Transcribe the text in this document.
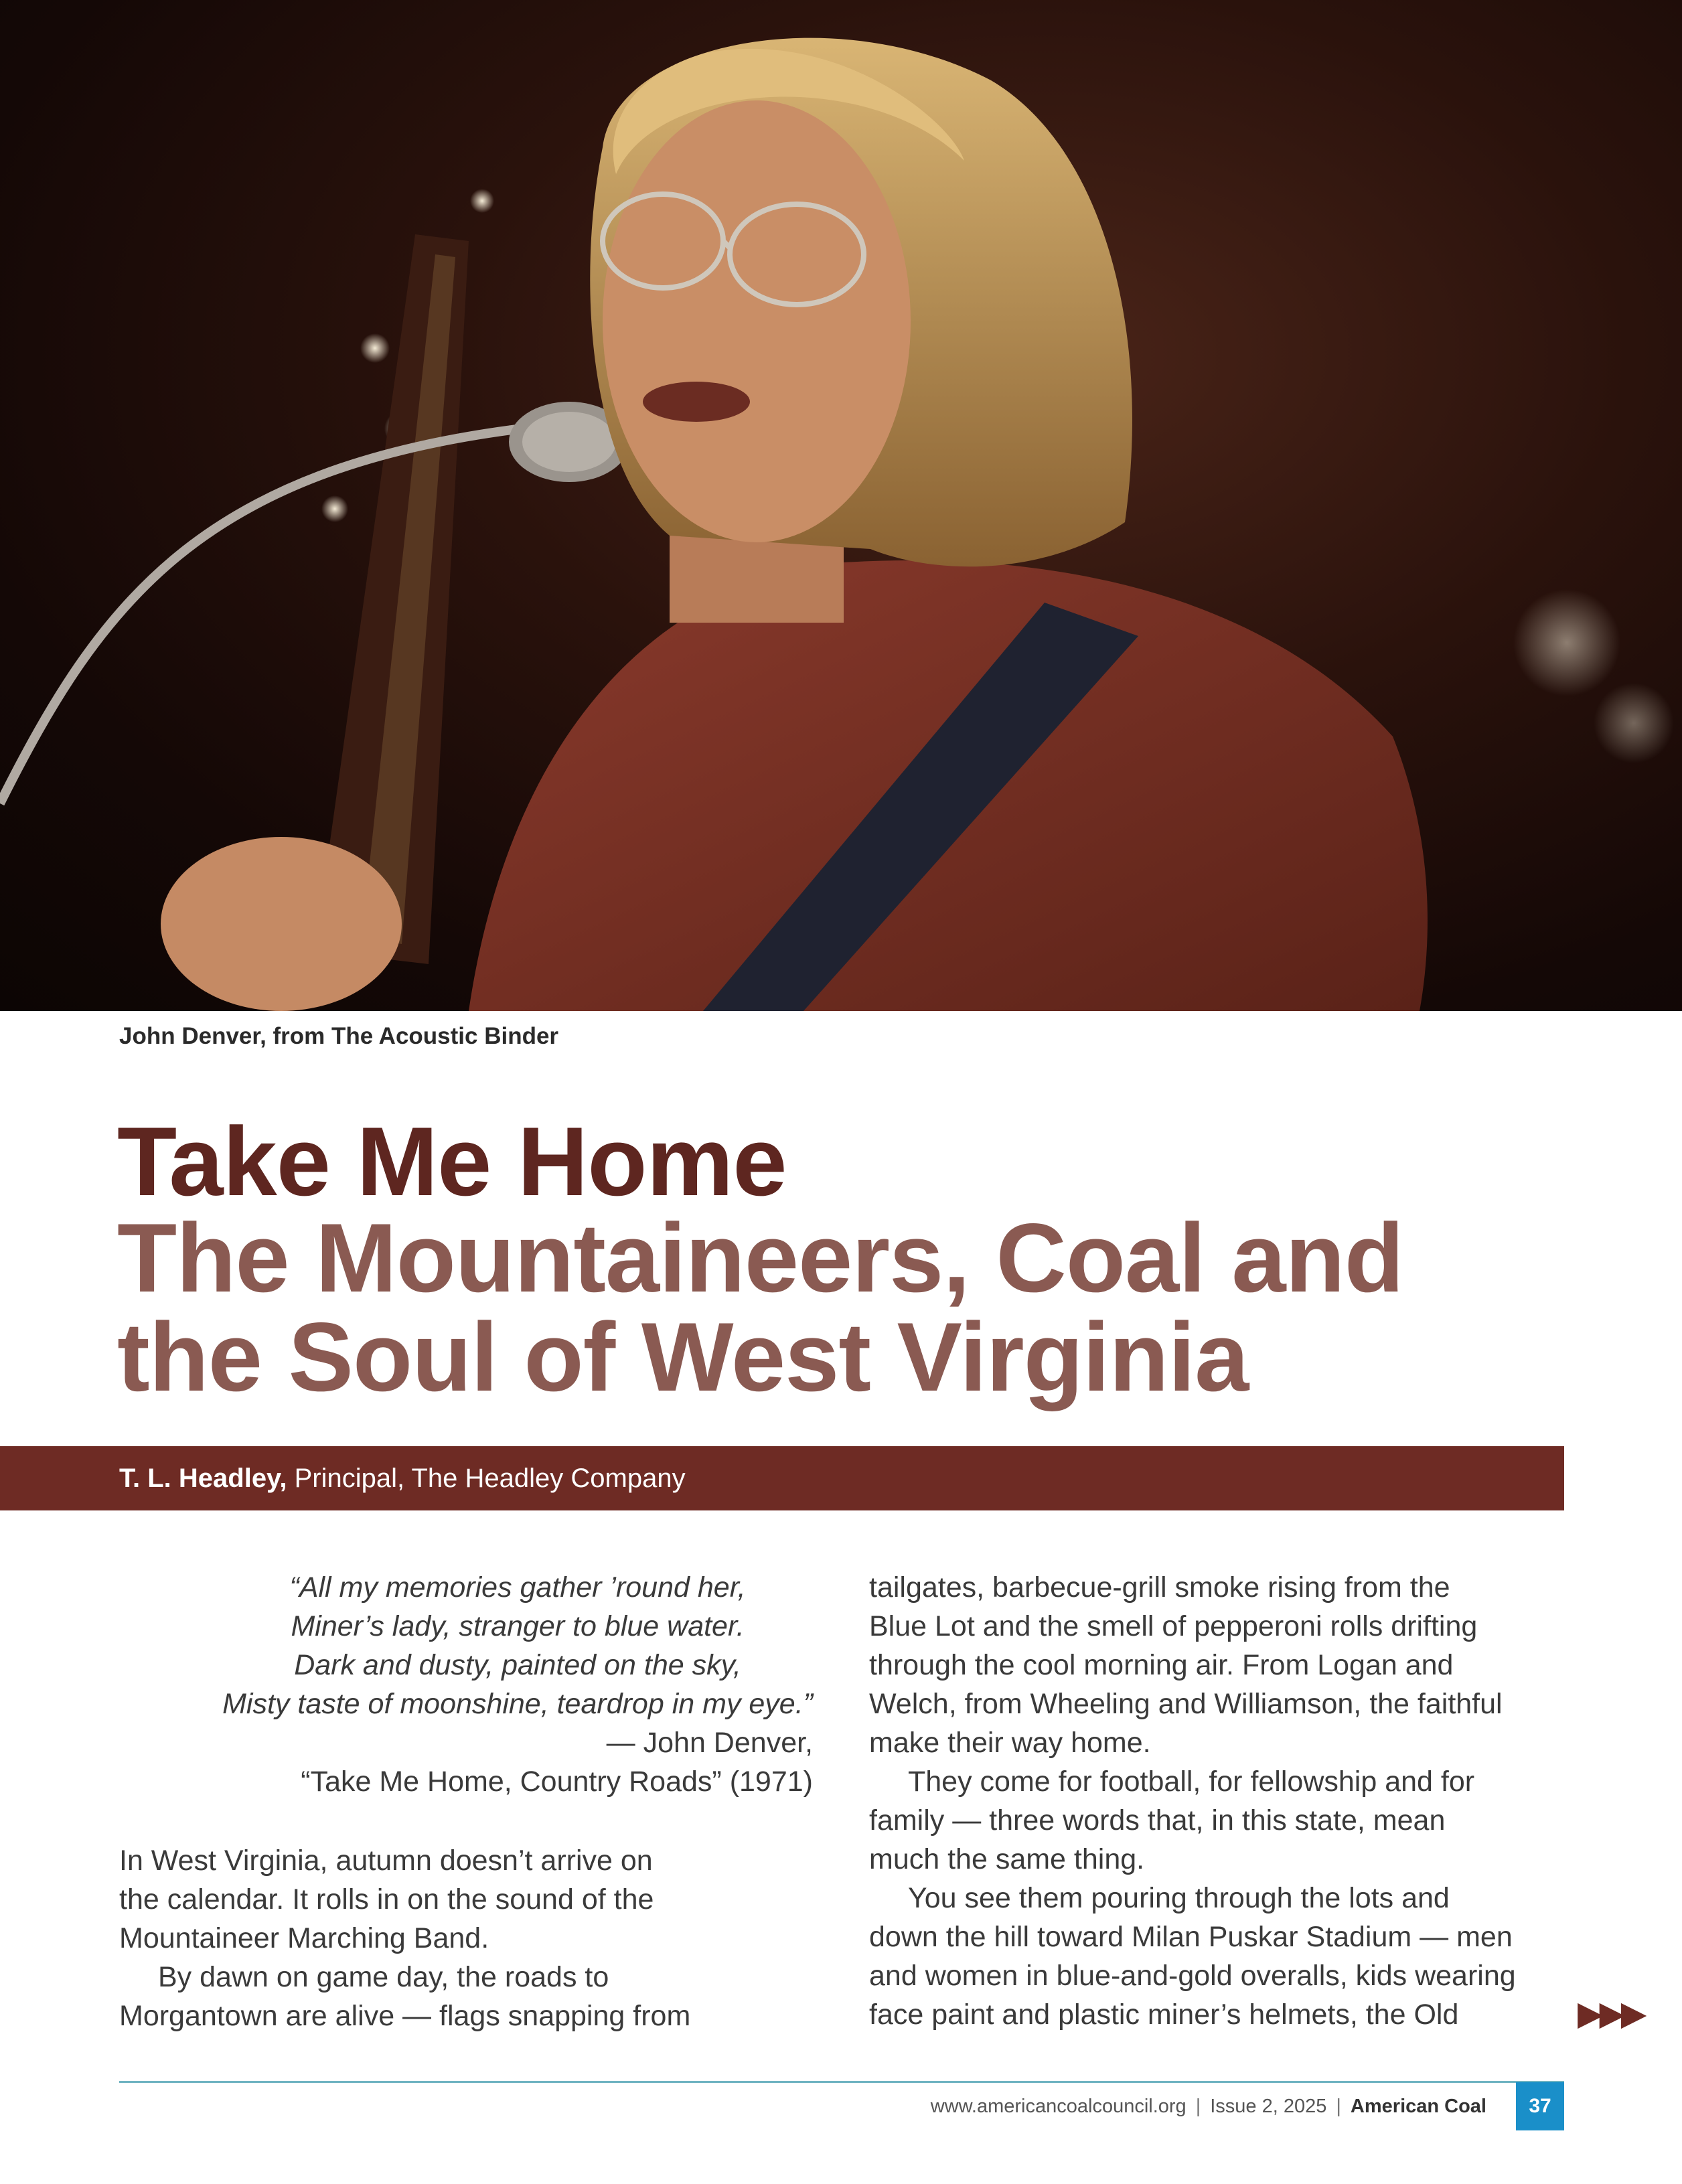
John Denver, from The Acoustic Binder
Take Me Home
The Mountaineers, Coal and
the Soul of West Virginia
T. L. Headley, Principal, The Headley Company
“All my memories gather ’round her,
Miner’s lady, stranger to blue water.
Dark and dusty, painted on the sky,
Misty taste of moonshine, teardrop in my eye.”
— John Denver,
“Take Me Home, Country Roads” (1971)

In West Virginia, autumn doesn’t arrive on

the calendar. It rolls in on the sound of the

Mountaineer Marching Band.

By dawn on game day, the roads to

Morgantown are alive — flags snapping from

tailgates, barbecue-grill smoke rising from the

Blue Lot and the smell of pepperoni rolls drifting

through the cool morning air. From Logan and

Welch, from Wheeling and Williamson, the faithful

make their way home.

They come for football, for fellowship and for

family — three words that, in this state, mean

much the same thing.

You see them pouring through the lots and

down the hill toward Milan Puskar Stadium — men

and women in blue-and-gold overalls, kids wearing

face paint and plastic miner’s helmets, the Old	▶▶▶
www.americancoalcouncil.org | Issue 2, 2025 | American Coal	37
